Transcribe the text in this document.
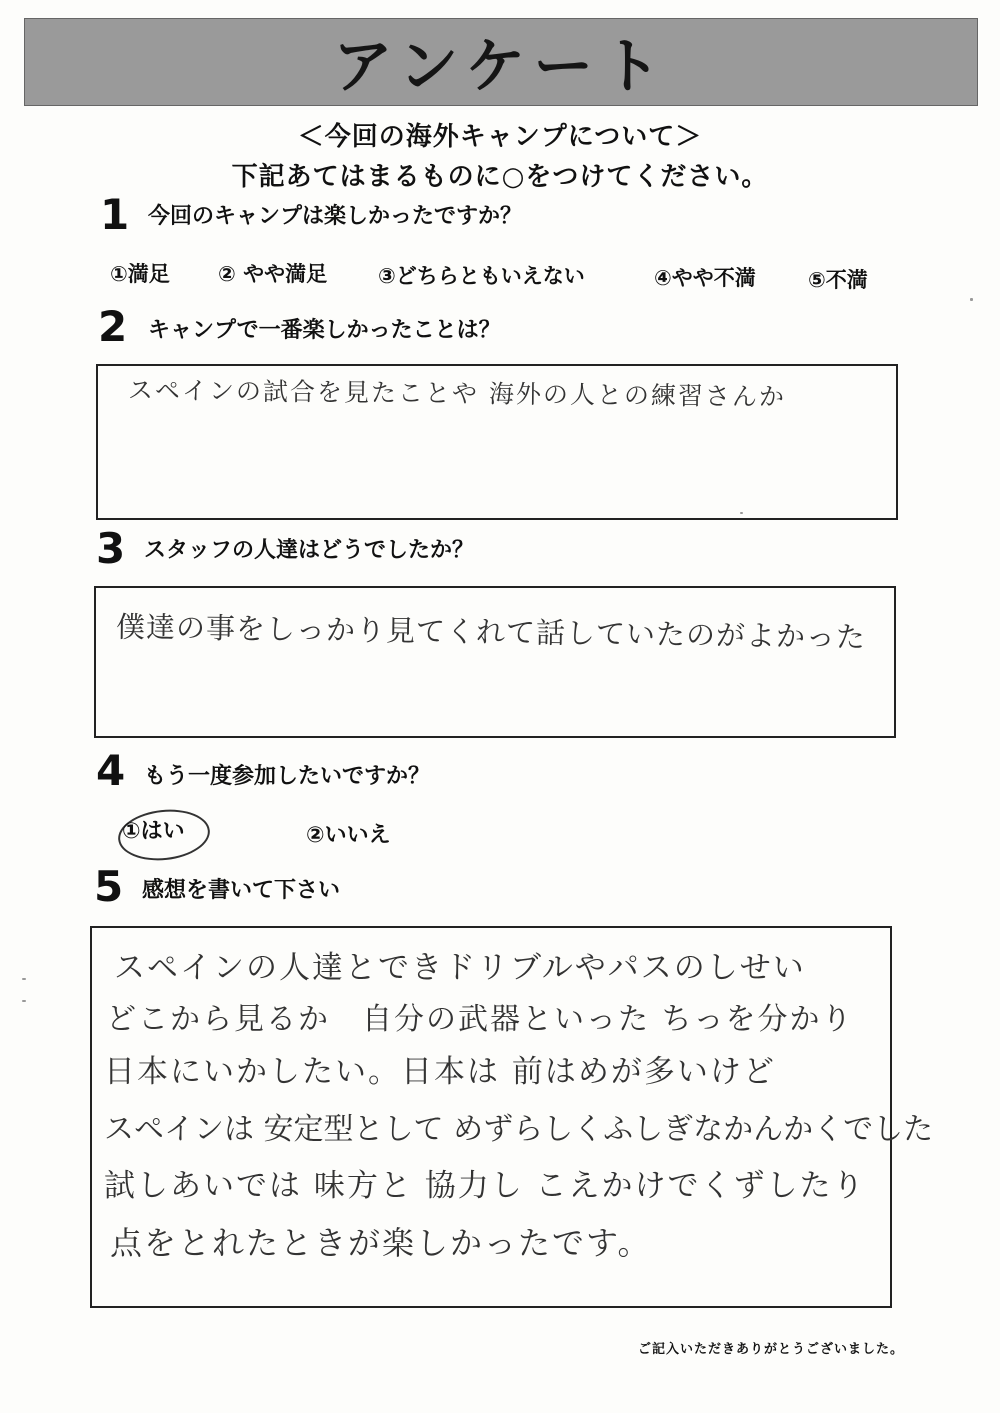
アンケート
＜今回の海外キャンプについて＞
下記あてはまるものに○をつけてください。
1 今回のキャンプは楽しかったですか？
①満足 ② やや満足 ③どちらともいえない	④やや不満 ⑤不満
2 キャンプで一番楽しかったことは？
スペインの試合を見たことや 海外の人との練習さんか
3 スタッフの人達はどうでしたか？
僕達の事をしっかり見てくれて話していたのがよかった
4 もう一度参加したいですか？
①はい	②いいえ
5 感想を書いて下さい
スペインの人達とできドリブルやパスのしせい
どこから見るか　自分の武器といった ちっを分かり
日本にいかしたい。日本は 前はめが多いけど
スペインは 安定型として めずらしくふしぎなかんかくでした
試しあいでは 味方と 協力し こえかけでくずしたり
点をとれたときが楽しかったです。
ご記入いただきありがとうございました。
